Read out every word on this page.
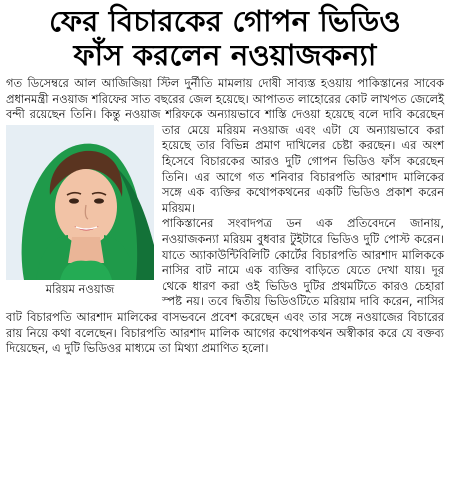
ফের বিচারকের গোপন ভিডিও
ফাঁস করলেন নওয়াজকন্যা
গত ডিসেম্বরে আল আজিজিয়া স্টিল দুর্নীতি মামলায় দোষী সাব্যস্ত হওয়ায় পাকিস্তানের সাবেক প্রধানমন্ত্রী নওয়াজ শরিফের সাত বছরের জেল হয়েছে। আপাতত লাহোরের কোট লাখপত জেলেই বন্দী রয়েছেন তিনি। কিন্তু নওয়াজ শরিফকে অন্যায়ভাবে শাস্তি দেওয়া হয়েছে বলে দাবি করেছেন তার
মরিয়ম নওয়াজ
মেয়ে মরিয়ম নওয়াজ এবং এটা যে অন্যায়ভাবে করা হয়েছে তার বিভিন্ন প্রমাণ দাখিলের চেষ্টা করছেন। এর অংশ হিসেবে বিচারকের আরও দুটি গোপন ভিডিও ফাঁস করেছেন তিনি। এর আগে গত শনিবার বিচারপতি আরশাদ মালিকের সঙ্গে এক ব্যক্তির কথোপকথনের একটি ভিডিও প্রকাশ করেন মরিয়ম।
পাকিস্তানের সংবাদপত্র ডন এক প্রতিবেদনে জানায়, নওয়াজকন্যা মরিয়ম বুধবার টুইটারে ভিডিও দুটি পোস্ট করেন। যাতে অ্যাকাউন্টিবিলিটি কোর্টের বিচারপতি আরশাদ মালিককে নাসির বাট নামে এক ব্যক্তির বাড়িতে যেতে দেখা যায়। দূর থেকে ধারণ করা ওই ভিডিও দুটির প্রথমটিতে কারও চেহারা স্পষ্ট নয়। তবে দ্বিতীয় ভিডিওটিতে মরিয়াম দাবি করেন, নাসির বাট বিচারপতি আরশাদ মালিকের বাসভবনে প্রবেশ করেছেন এবং তার সঙ্গে নওয়াজের বিচারের রায় নিয়ে কথা বলেছেন। বিচারপতি আরশাদ মালিক আগের কথোপকথন অস্বীকার করে যে বক্তব্য দিয়েছেন, এ দুটি ভিডিওর মাধ্যমে তা মিথ্যা প্রমাণিত হলো।
